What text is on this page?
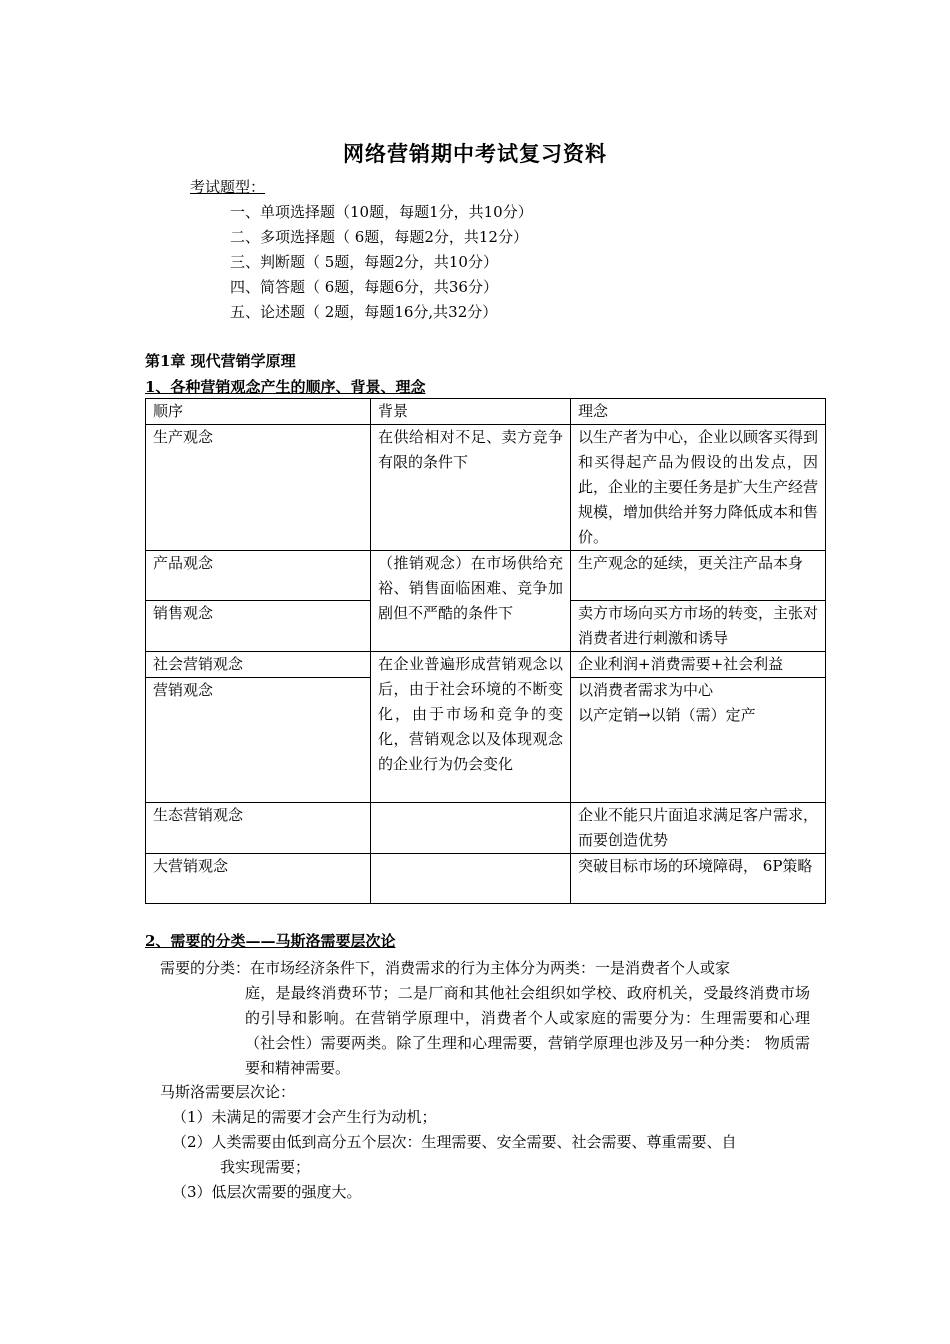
网络营销期中考试复习资料
考试题型：
一、单项选择题（10题，每题1分，共10分）
二、多项选择题（ 6题，每题2分，共12分）
三、判断题（ 5题，每题2分，共10分）
四、简答题（ 6题，每题6分，共36分）
五、论述题（ 2题，每题16分,共32分）
第1章 现代营销学原理
1、各种营销观念产生的顺序、背景、理念
顺序	背景	理念
生产观念	在供给相对不足、卖方竞争有限的条件下	以生产者为中心，企业以顾客买得到和买得起产品为假设的出发点，因此，企业的主要任务是扩大生产经营规模，增加供给并努力降低成本和售价。
产品观念	（推销观念）在市场供给充裕、销售面临困难、竞争加剧但不严酷的条件下	生产观念的延续，更关注产品本身
销售观念		卖方市场向买方市场的转变，主张对消费者进行刺激和诱导
社会营销观念	在企业普遍形成营销观念以后，由于社会环境的不断变化，由于市场和竞争的变化，营销观念以及体现观念的企业行为仍会变化	企业利润+消费需要+社会利益
营销观念		以消费者需求为中心
以产定销→以销（需）定产

生态营销观念		企业不能只片面追求满足客户需求，而要创造优势
大营销观念		突破目标市场的环境障碍， 6P策略
2、需要的分类——马斯洛需要层次论
需要的分类：在市场经济条件下，消费需求的行为主体分为两类：一是消费者个人或家
庭，是最终消费环节；二是厂商和其他社会组织如学校、政府机关，受最终消费市场的引导和影响。在营销学原理中，消费者个人或家庭的需要分为：生理需要和心理（社会性）需要两类。除了生理和心理需要，营销学原理也涉及另一种分类： 物质需要和精神需要。
马斯洛需要层次论：
（1）未满足的需要才会产生行为动机；
（2）人类需要由低到高分五个层次：生理需要、安全需要、社会需要、尊重需要、自
我实现需要；
（3）低层次需要的强度大。
